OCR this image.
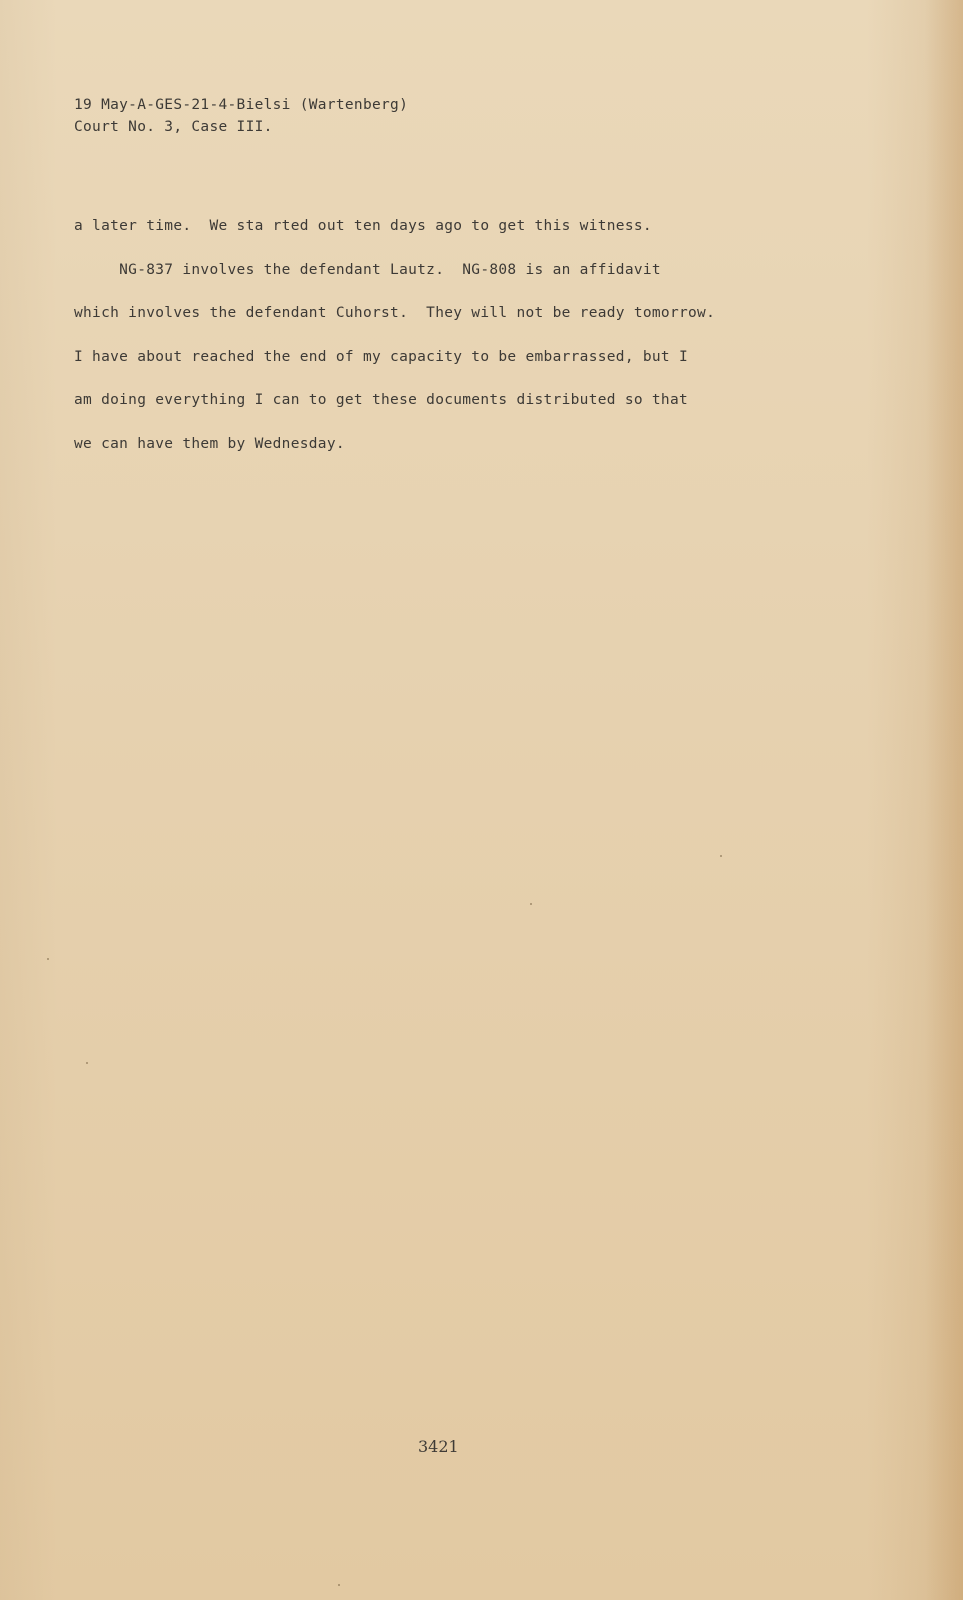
19 May-A-GES-21-4-Bielsi (Wartenberg)
Court No. 3, Case III.
a later time.  We sta rted out ten days ago to get this witness.
NG-837 involves the defendant Lautz.  NG-808 is an affidavit
which involves the defendant Cuhorst.  They will not be ready tomorrow.
I have about reached the end of my capacity to be embarrassed, but I
am doing everything I can to get these documents distributed so that
we can have them by Wednesday.
3421
